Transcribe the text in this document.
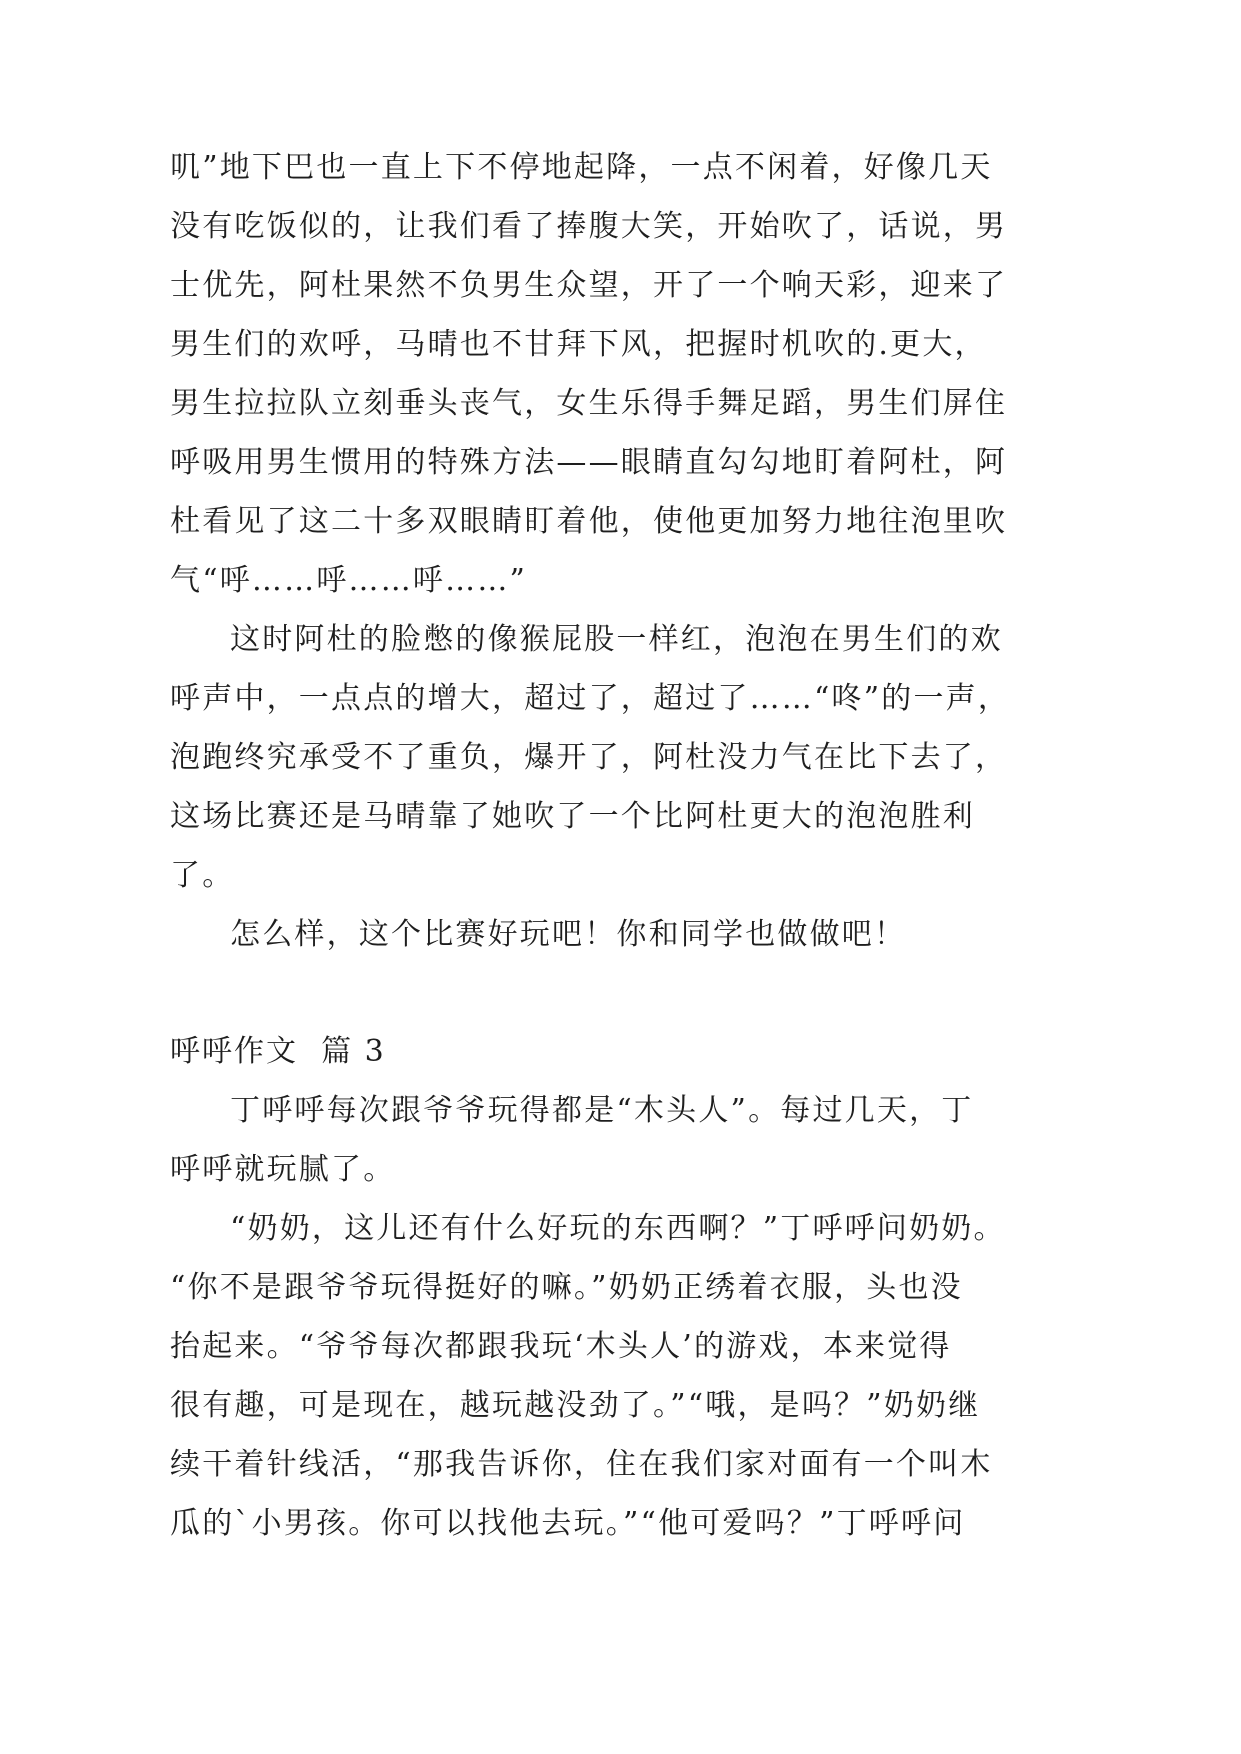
叽”地下巴也一直上下不停地起降，一点不闲着，好像几天

没有吃饭似的，让我们看了捧腹大笑，开始吹了，话说，男

士优先，阿杜果然不负男生众望，开了一个响天彩，迎来了

男生们的欢呼，马晴也不甘拜下风，把握时机吹的.更大，

男生拉拉队立刻垂头丧气，女生乐得手舞足蹈，男生们屏住

呼吸用男生惯用的特殊方法——眼睛直勾勾地盯着阿杜，阿

杜看见了这二十多双眼睛盯着他，使他更加努力地往泡里吹

气“呼……呼……呼……”

这时阿杜的脸憋的像猴屁股一样红，泡泡在男生们的欢

呼声中，一点点的增大，超过了，超过了……“咚”的一声，

泡跑终究承受不了重负，爆开了，阿杜没力气在比下去了，

这场比赛还是马晴靠了她吹了一个比阿杜更大的泡泡胜利

了。

怎么样，这个比赛好玩吧！你和同学也做做吧！

呼呼作文  篇 3

丁呼呼每次跟爷爷玩得都是“木头人”。每过几天，丁

呼呼就玩腻了。

“奶奶，这儿还有什么好玩的东西啊？”丁呼呼问奶奶。

“你不是跟爷爷玩得挺好的嘛。”奶奶正绣着衣服，头也没

抬起来。“爷爷每次都跟我玩‘木头人’的游戏，本来觉得

很有趣，可是现在，越玩越没劲了。”“哦，是吗？”奶奶继

续干着针线活，“那我告诉你，住在我们家对面有一个叫木

瓜的`小男孩。你可以找他去玩。”“他可爱吗？”丁呼呼问
